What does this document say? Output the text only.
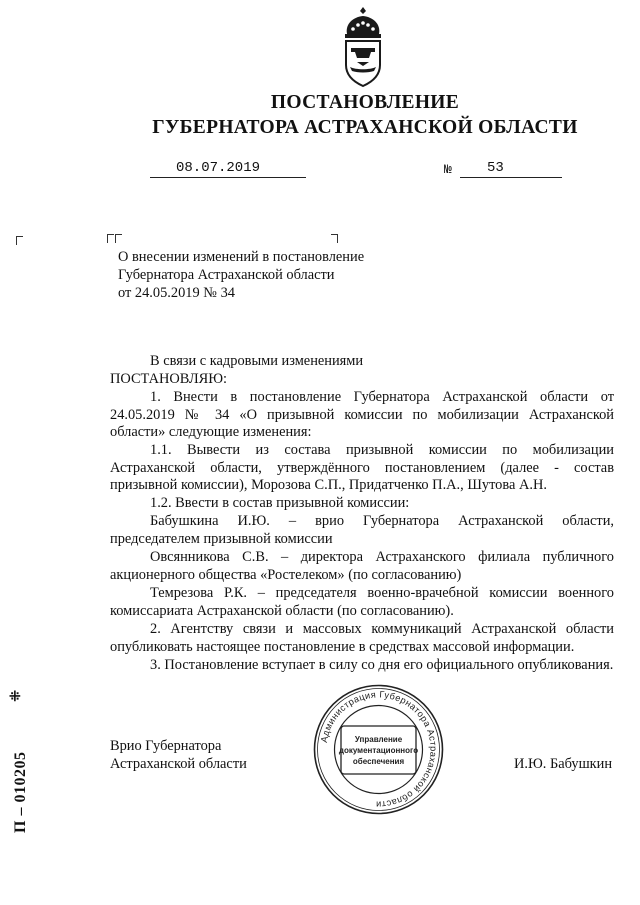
ПОСТАНОВЛЕНИЕ
ГУБЕРНАТОРА АСТРАХАНСКОЙ ОБЛАСТИ
08.07.2019	№	53
О внесении изменений в постановление
Губернатора Астраханской области
от 24.05.2019 № 34
В связи с кадровыми изменениями
ПОСТАНОВЛЯЮ:

1. Внести в постановление Губернатора Астраханской области от 24.05.2019 № 34 «О призывной комиссии по мобилизации Астраханской области» следующие изменения:

1.1. Вывести из состава призывной комиссии по мобилизации Астраханской области, утверждённого постановлением (далее - состав призывной комиссии), Морозова С.П., Придатченко П.А., Шутова А.Н.

1.2. Ввести в состав призывной комиссии:

Бабушкина И.Ю. – врио Губернатора Астраханской области, председателем призывной комиссии

Овсянникова С.В. – директора Астраханского филиала публичного акционерного общества «Ростелеком» (по согласованию)

Темрезова Р.К. – председателя военно-врачебной комиссии военного комиссариата Астраханской области (по согласованию).

2. Агентству связи и массовых коммуникаций Астраханской области опубликовать настоящее постановление в средствах массовой информации.

3. Постановление вступает в силу со дня его официального опубликования.

Врио Губернатора
Астраханской области	И.Ю. Бабушкин
Администрация Губернатора Астраханской области
Управление
документационного
обеспечения
⁜
П – 010205
